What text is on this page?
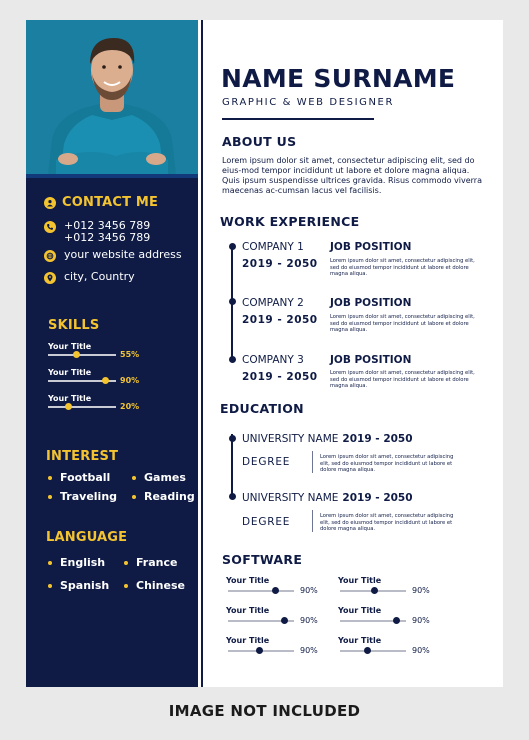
CONTACT ME
+012 3456 789
+012 3456 789
your website address
city, Country
SKILLS
Your Title
55%
Your Title
90%
Your Title
20%
INTEREST
Football	Games
Traveling Reading
LANGUAGE
English	France
Spanish Chinese
NAME SURNAME
GRAPHIC & WEB DESIGNER
ABOUT US
Lorem ipsum dolor sit amet, consectetur adipiscing elit, sed do eius-mod tempor incididunt ut labore et dolore magna aliqua. Quis ipsum suspendisse ultrices gravida. Risus commodo viverra maecenas ac-cumsan lacus vel facilisis.
WORK EXPERIENCE
COMPANY 1
2019 - 2050
JOB POSITION
Lorem ipsum dolor sit amet, consectetur adipiscing elit, sed do eiusmod tempor incididunt ut labore et dolore magna aliqua.
COMPANY 2
2019 - 2050
JOB POSITION
Lorem ipsum dolor sit amet, consectetur adipiscing elit, sed do eiusmod tempor incididunt ut labore et dolore magna aliqua.
COMPANY 3
2019 - 2050
JOB POSITION
Lorem ipsum dolor sit amet, consectetur adipiscing elit, sed do eiusmod tempor incididunt ut labore et dolore magna aliqua.
EDUCATION
UNIVERSITY NAME 2019 - 2050
DEGREE	Lorem ipsum dolor sit amet, consectetur adipiscing elit, sed do eiusmod tempor incididunt ut labore et dolore magna aliqua.
UNIVERSITY NAME 2019 - 2050
DEGREE	Lorem ipsum dolor sit amet, consectetur adipiscing elit, sed do eiusmod tempor incididunt ut labore et dolore magna aliqua.
SOFTWARE
Your Title
90%
Your Title
90%
Your Title
90%
Your Title
90%
Your Title
90%
Your Title
90%
IMAGE NOT INCLUDED
